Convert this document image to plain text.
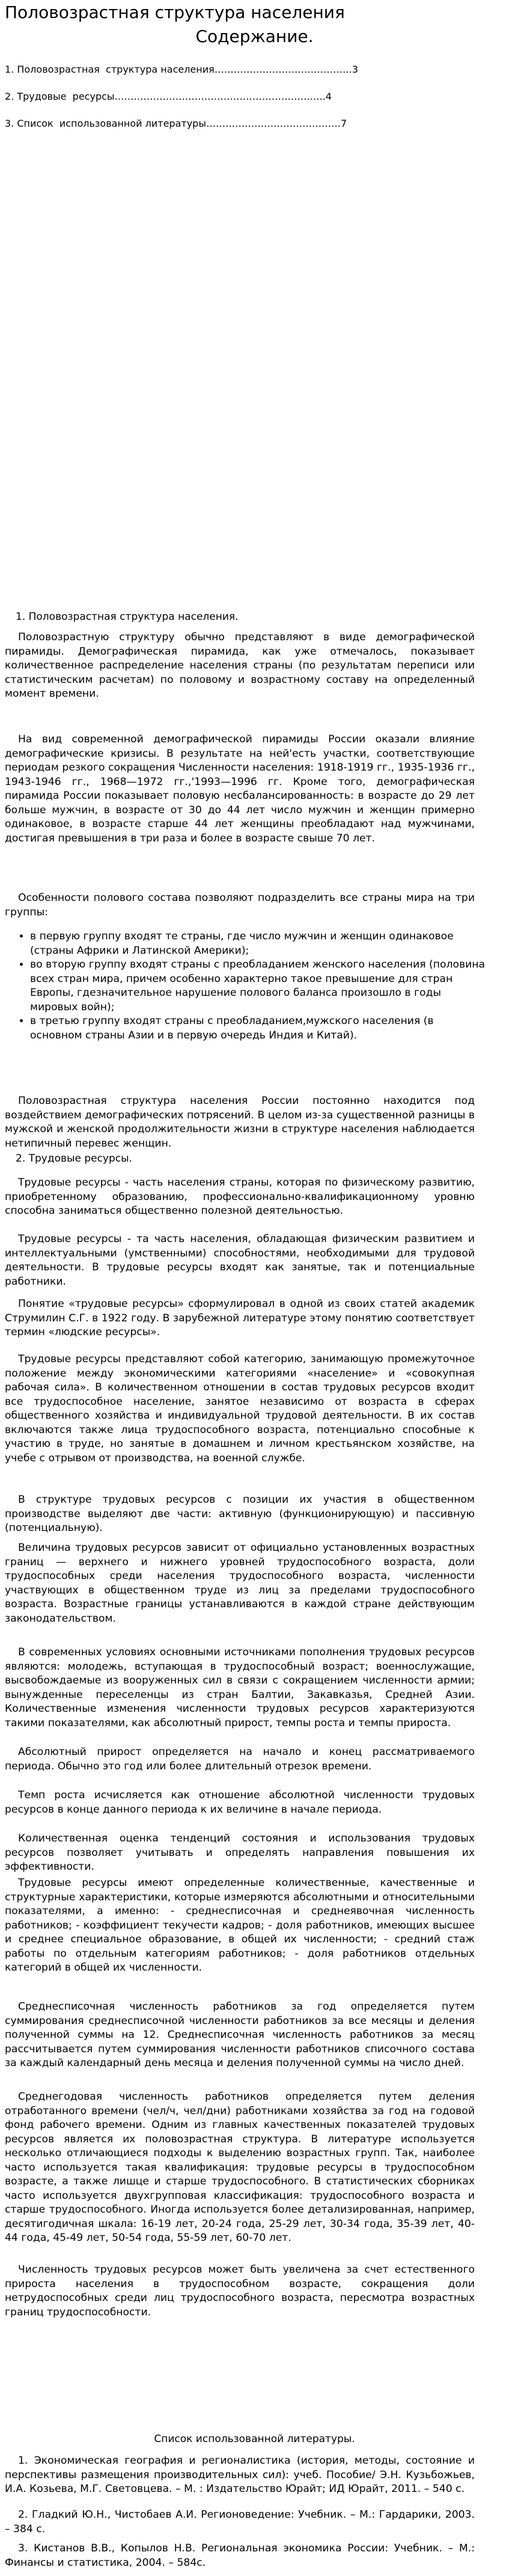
Половозрастная структура населения
Содержание.
1. Половозрастная  структура населения…………………………………….3
2. Трудовые  ресурсы…………………………………………………….…..4
3. Список  использованной литературы……………………………………7
1. Половозрастная структура населения.

Половозрастную структуру обычно представляют в виде демографической пирамиды. Демографическая пирамида, как уже отмечалось, показывает количественное распределение населения страны (по результатам переписи или статистическим расчетам) по половому и возрастному составу на определенный момент времени.

На вид современной демографической пирамиды России оказали влияние демографические кризисы. В результате на ней'есть участки, соответствующие периодам резкого сокращения Численности населения: 1918-1919 гг., 1935-1936 гг., 1943-1946 гг., 1968—1972 гг.,'1993—1996 гг. Кроме того, демографическая пирамида России показывает половую несбалансированность: в возрасте до 29 лет больше мужчин, в возрасте от 30 до 44 лет число мужчин и женщин примерно одинаковое, в возрасте старше 44 лет женщины преобладают над мужчинами, достигая превышения в три раза и более в возрасте свыше 70 лет.

Особенности полового состава позволяют подразделить все страны мира на три группы:

• в первую группу входят те страны, где число мужчин и женщин одинаковое (страны Африки и Латинской Америки);
• во вторую группу входят страны с преобладанием женского населения (половина всех стран мира, причем особенно характерно такое превышение для стран Европы, гдезначительное нарушение полового баланса произошло в годы мировых войн);
• в третью группу входят страны с преобладанием,мужского населения (в основном страны Азии и в первую очередь Индия и Китай).

Половозрастная структура населения России постоянно находится под воздействием демографических потрясений. В целом из-за существенной разницы в мужской и женской продолжительности жизни в структуре населения наблюдается нетипичный перевес женщин.

2. Трудовые ресурсы.

Трудовые ресурсы - часть населения страны, которая по физическому развитию, приобретенному образованию, профессионально-квалификационному уровню способна заниматься общественно полезной деятельностью.

Трудовые ресурсы - та часть населения, обладающая физическим развитием и интеллектуальными (умственными) способностями, необходимыми для трудовой деятельности. В трудовые ресурсы входят как занятые, так и потенциальные работники.

Понятие «трудовые ресурсы» сформулировал в одной из своих статей академик Струмилин С.Г. в 1922 году. В зарубежной литературе этому понятию соответствует термин «людские ресурсы».

Трудовые ресурсы представляют собой категорию, занимающую промежуточное положение между экономическими категориями «население» и «совокупная рабочая сила». В количественном отношении в состав трудовых ресурсов входит все трудоспособное население, занятое независимо от возраста в сферах общественного хозяйства и индивидуальной трудовой деятельности. В их состав включаются также лица трудоспособного возраста, потенциально способные к участию в труде, но занятые в домашнем и личном крестьянском хозяйстве, на учебе с отрывом от производства, на военной службе.

В структуре трудовых ресурсов с позиции их участия в общественном производстве выделяют две части: активную (функционирующую) и пассивную (потенциальную).

Величина трудовых ресурсов зависит от официально установленных возрастных границ — верхнего и нижнего уровней трудоспособного возраста, доли трудоспособных среди населения трудоспособного возраста, численности участвующих в общественном труде из лиц за пределами трудоспособного возраста. Возрастные границы устанавливаются в каждой стране действующим законодательством.

В современных условиях основными источниками пополнения трудовых ресурсов являются: молодежь, вступающая в трудоспособный возраст; военнослужащие, высвобождаемые из вооруженных сил в связи с сокращением численности армии; вынужденные переселенцы из стран Балтии, Закавказья, Средней Азии. Количественные изменения численности трудовых ресурсов характеризуются такими показателями, как абсолютный прирост, темпы роста и темпы прироста.

Абсолютный прирост определяется на начало и конец рассматриваемого периода. Обычно это год или более длительный отрезок времени.

Темп роста исчисляется как отношение абсолютной численности трудовых ресурсов в конце данного периода к их величине в начале периода.

Количественная оценка тенденций состояния и использования трудовых ресурсов позволяет учитывать и определять направления повышения их эффективности.

Трудовые ресурсы имеют определенные количественные, качественные и структурные характеристики, которые измеряются абсолютными и относительными показателями, а именно: - среднесписочная и среднеявочная численность работников; - коэффициент текучести кадров; - доля работников, имеющих высшее и среднее специальное образование, в общей их численности; - средний стаж работы по отдельным категориям работников; - доля работников отдельных категорий в общей их численности.

Среднесписочная численность работников за год определяется путем суммирования среднесписочной численности работников за все месяцы и деления полученной суммы на 12. Среднесписочная численность работников за месяц рассчитывается путем суммирования численности работников списочного состава за каждый календарный день месяца и деления полученной суммы на число дней.

Среднегодовая численность работников определяется путем деления отработанного времени (чел/ч, чел/дни) работниками хозяйства за год на годовой фонд рабочего времени. Одним из главных качественных показателей трудовых ресурсов является их половозрастная структура. В литературе используется несколько отличающиеся подходы к выделению возрастных групп. Так, наиболее часто используется такая квалификация: трудовые ресурсы в трудоспособном возрасте, а также лишце и старше трудоспособного. В статистических сборниках часто используется двухгрупповая классификация: трудоспособного возраста и старше трудоспособного. Иногда используется более детализированная, например, десятигодичная шкала: 16-19 лет, 20-24 года, 25-29 лет, 30-34 года, 35-39 лет, 40-44 года, 45-49 лет, 50-54 года, 55-59 лет, 60-70 лет.

Численность трудовых ресурсов может быть увеличена за счет естественного прироста населения в трудоспособном возрасте, сокращения доли нетрудоспособных среди лиц трудоспособного возраста, пересмотра возрастных границ трудоспособности.

Список использованной литературы.

1. Экономическая география и регионалистика (история, методы, состояние и перспективы размещения производительных сил): учеб. Пособие/ Э.Н. Кузьбожьев, И.А. Козьева, М.Г. Световцева. – М. : Издательство Юрайт; ИД Юрайт, 2011. – 540 с.

2. Гладкий Ю.Н., Чистобаев А.И. Регионоведение: Учебник. – М.: Гардарики, 2003. – 384 с.

3. Кистанов В.В., Копылов Н.В. Региональная экономика России: Учебник. – М.: Финансы и статистика, 2004. – 584с.
